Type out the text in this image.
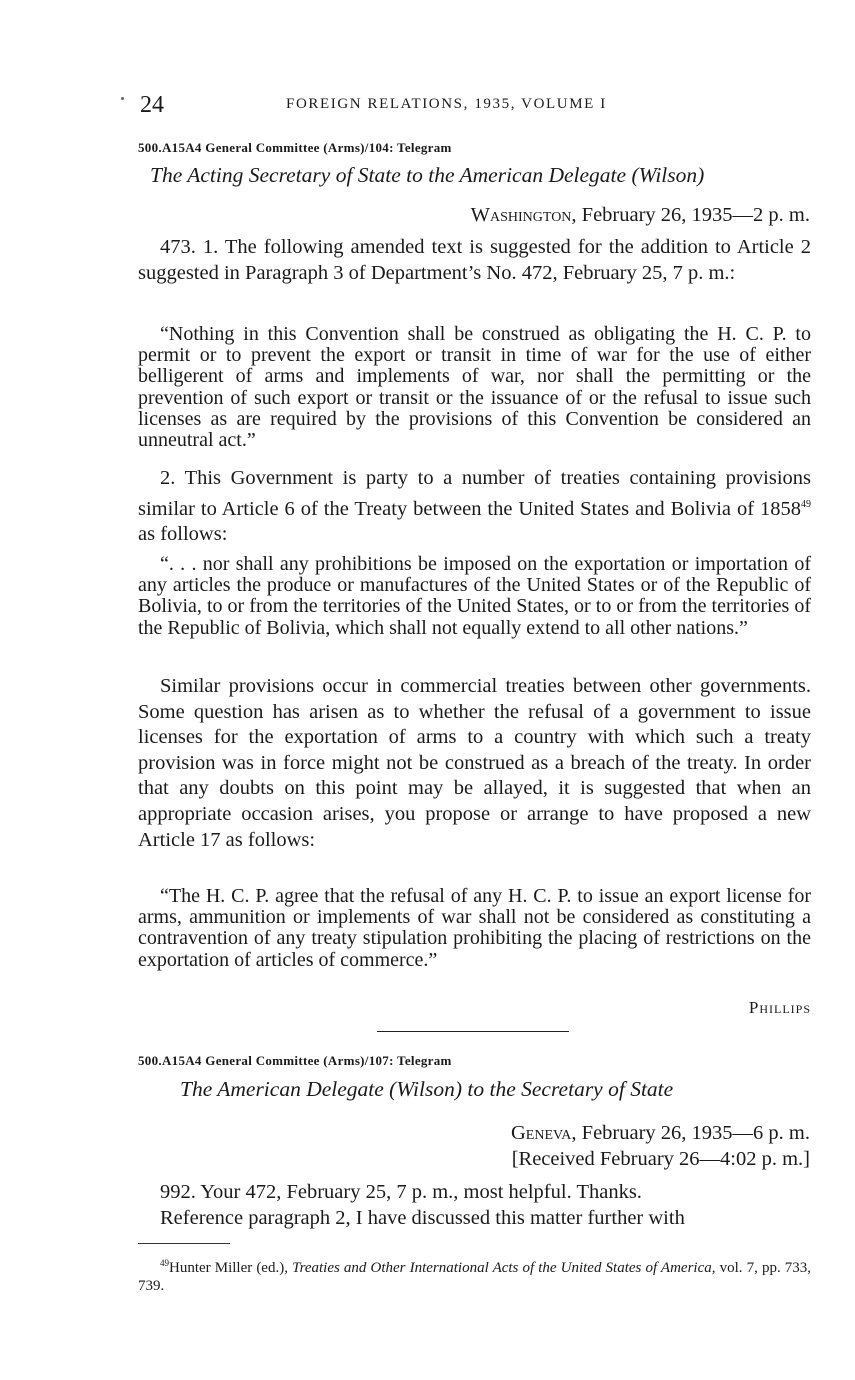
24	FOREIGN RELATIONS, 1935, VOLUME I
500.A15A4 General Committee (Arms)/104: Telegram
The Acting Secretary of State to the American Delegate (Wilson)
Washington, February 26, 1935—2 p. m.

473. 1. The following amended text is suggested for the addition to Article 2 suggested in Paragraph 3 of Department’s No. 472, February 25, 7 p. m.:

“Nothing in this Convention shall be construed as obligating the H. C. P. to permit or to prevent the export or transit in time of war for the use of either belligerent of arms and implements of war, nor shall the permitting or the prevention of such export or transit or the issuance of or the refusal to issue such licenses as are required by the provisions of this Convention be considered an unneutral act.”

2. This Government is party to a number of treaties containing provisions similar to Article 6 of the Treaty between the United States and Bolivia of 1858$^{49}$ as follows:

“. . . nor shall any prohibitions be imposed on the exportation or importation of any articles the produce or manufactures of the United States or of the Republic of Bolivia, to or from the territories of the United States, or to or from the territories of the Republic of Bolivia, which shall not equally extend to all other nations.”

Similar provisions occur in commercial treaties between other governments. Some question has arisen as to whether the refusal of a government to issue licenses for the exportation of arms to a country with which such a treaty provision was in force might not be construed as a breach of the treaty. In order that any doubts on this point may be allayed, it is suggested that when an appropriate occasion arises, you propose or arrange to have proposed a new Article 17 as follows:

“The H. C. P. agree that the refusal of any H. C. P. to issue an export license for arms, ammunition or implements of war shall not be considered as constituting a contravention of any treaty stipulation prohibiting the placing of restrictions on the exportation of articles of commerce.”

Phillips
500.A15A4 General Committee (Arms)/107: Telegram
The American Delegate (Wilson) to the Secretary of State
Geneva, February 26, 1935—6 p. m.
[Received February 26—4:02 p. m.]

992. Your 472, February 25, 7 p. m., most helpful. Thanks.

Reference paragraph 2, I have discussed this matter further with

$^{49}$Hunter Miller (ed.), Treaties and Other International Acts of the United States of America, vol. 7, pp. 733, 739.
